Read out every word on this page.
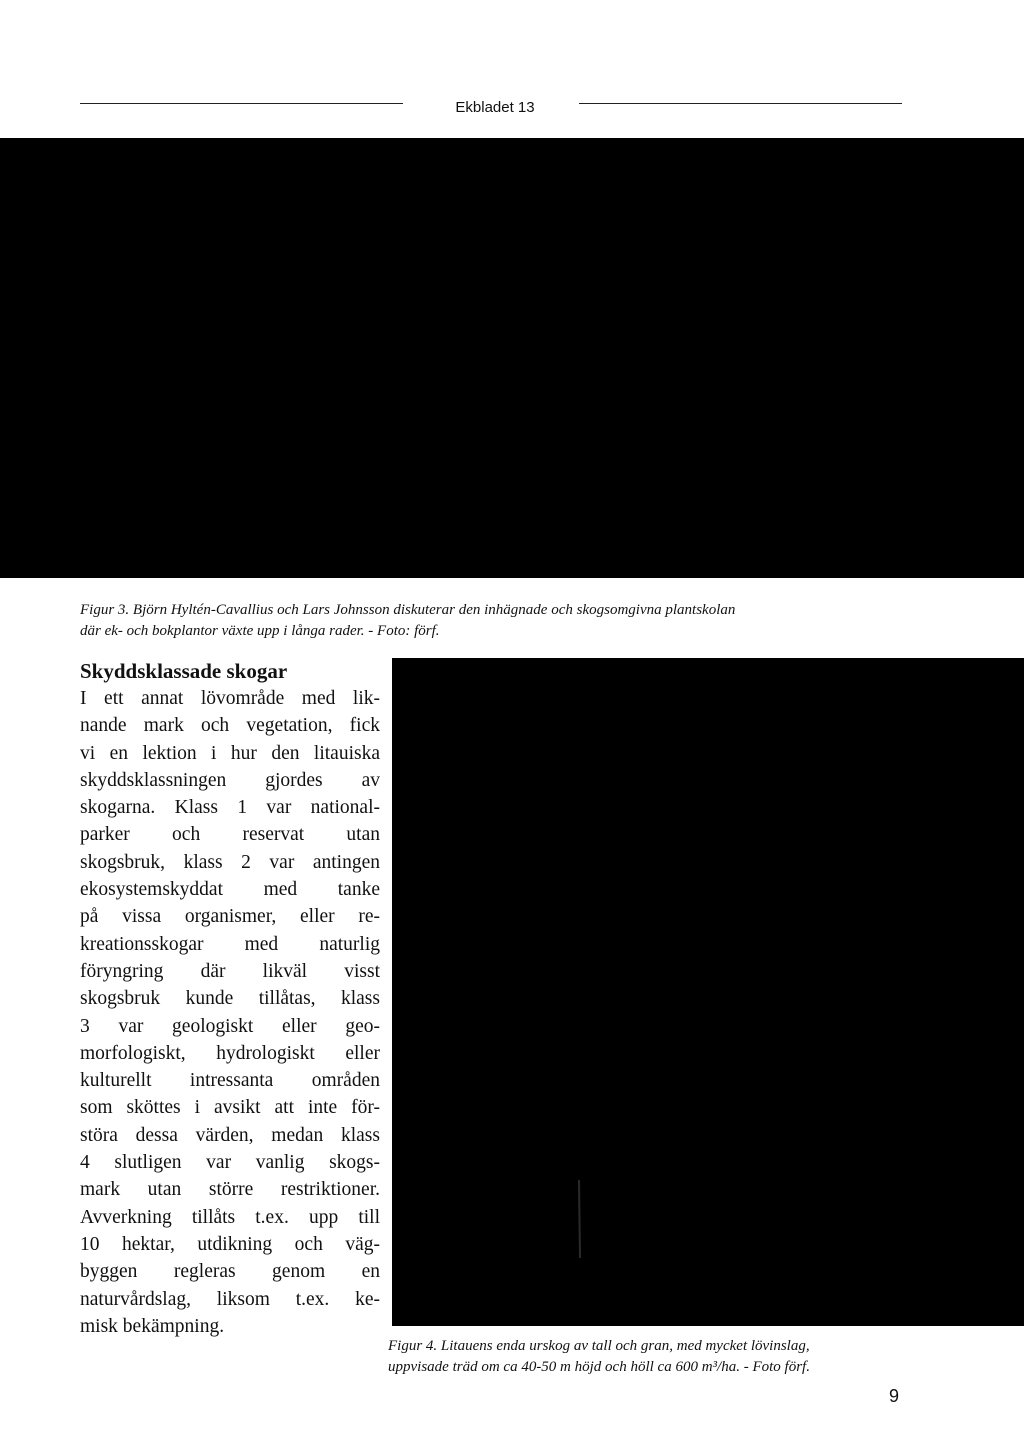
Ekbladet 13
Figur 3. Björn Hyltén-Cavallius och Lars Johnsson diskuterar den inhägnade och skogsomgivna plantskolan
där ek- och bokplantor växte upp i långa rader. - Foto: förf.
Skyddsklassade skogar
I ett annat lövområde med lik-
nande mark och vegetation, fick
vi en lektion i hur den litauiska
skyddsklassningen gjordes av
skogarna. Klass 1 var national-
parker och reservat utan
skogsbruk, klass 2 var antingen
ekosystemskyddat med tanke
på vissa organismer, eller re-
kreationsskogar med naturlig
föryngring där likväl visst
skogsbruk kunde tillåtas, klass
3 var geologiskt eller geo-
morfologiskt, hydrologiskt eller
kulturellt intressanta områden
som sköttes i avsikt att inte för-
störa dessa värden, medan klass
4 slutligen var vanlig skogs-
mark utan större restriktioner.
Avverkning tillåts t.ex. upp till
10 hektar, utdikning och väg-
byggen regleras genom en
naturvårdslag, liksom t.ex. ke-
misk bekämpning.
Figur 4. Litauens enda urskog av tall och gran, med mycket lövinslag,
uppvisade träd om ca 40-50 m höjd och höll ca 600 m³/ha. - Foto förf.
9
